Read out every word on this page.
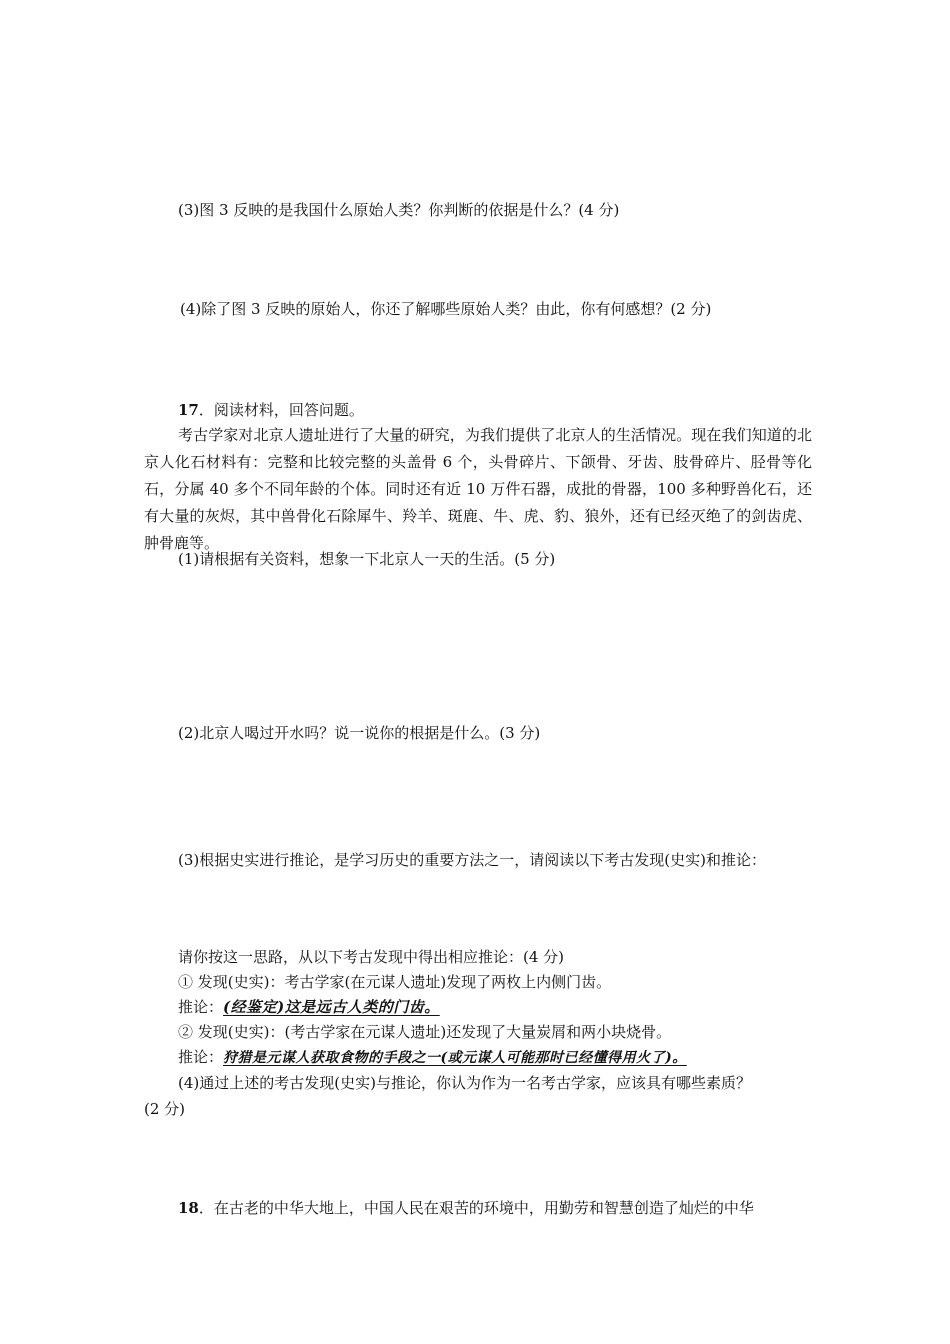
(3)图 3 反映的是我国什么原始人类？你判断的依据是什么？(4 分)
(4)除了图 3 反映的原始人，你还了解哪些原始人类？由此，你有何感想？(2 分)
17．阅读材料，回答问题。
考古学家对北京人遗址进行了大量的研究，为我们提供了北京人的生活情况。现在我们知道的北京人化石材料有：完整和比较完整的头盖骨 6 个，头骨碎片、下颌骨、牙齿、肢骨碎片、胫骨等化石，分属 40 多个不同年龄的个体。同时还有近 10 万件石器，成批的骨器，100 多种野兽化石，还有大量的灰烬，其中兽骨化石除犀牛、羚羊、斑鹿、牛、虎、豹、狼外，还有已经灭绝了的剑齿虎、肿骨鹿等。
(1)请根据有关资料，想象一下北京人一天的生活。(5 分)
(2)北京人喝过开水吗？说一说你的根据是什么。(3 分)
(3)根据史实进行推论，是学习历史的重要方法之一，请阅读以下考古发现(史实)和推论：
请你按这一思路，从以下考古发现中得出相应推论：(4 分)
① 发现(史实)：考古学家(在元谋人遗址)发现了两枚上内侧门齿。
推论：(经鉴定)这是远古人类的门齿。
② 发现(史实)：(考古学家在元谋人遗址)还发现了大量炭屑和两小块烧骨。
推论：狩猎是元谋人获取食物的手段之一(或元谋人可能那时已经懂得用火了)。
(4)通过上述的考古发现(史实)与推论，你认为作为一名考古学家，应该具有哪些素质？
(2 分)
18．在古老的中华大地上，中国人民在艰苦的环境中，用勤劳和智慧创造了灿烂的中华
